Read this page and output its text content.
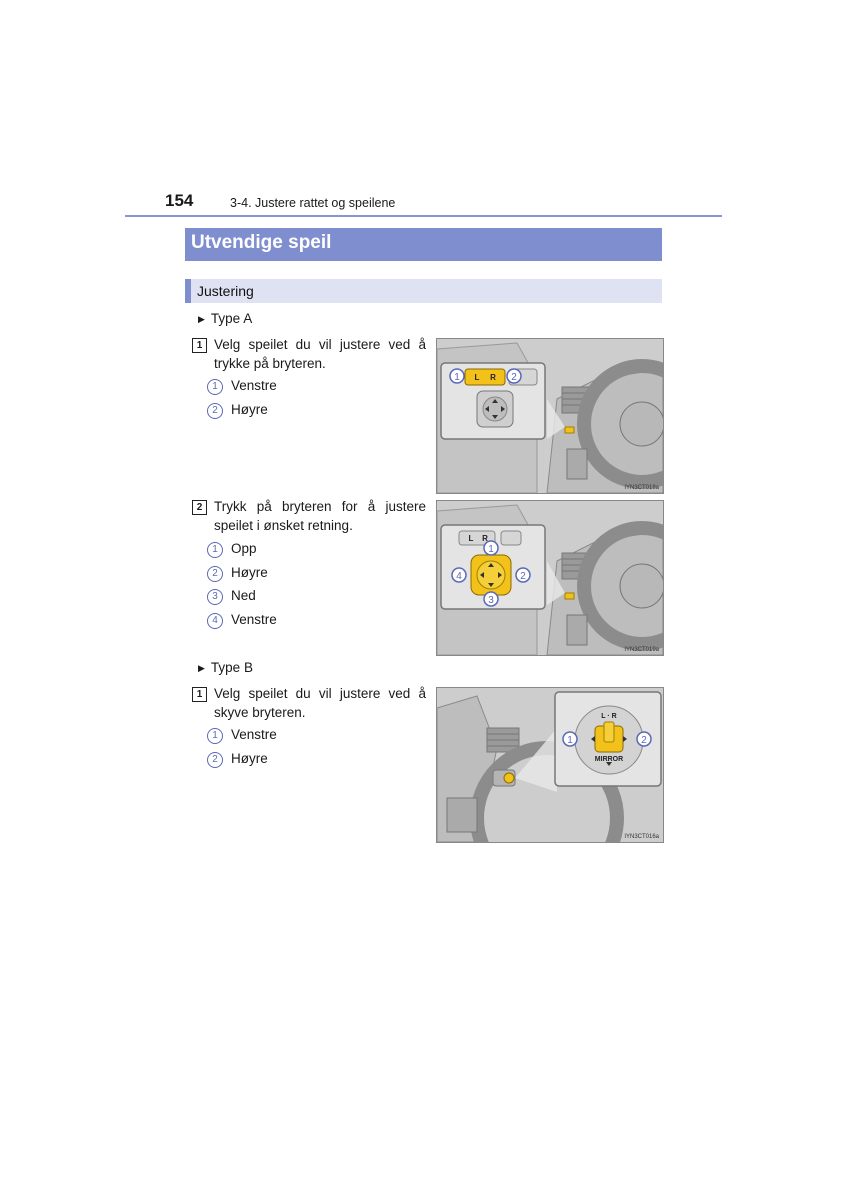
154	3-4. Justere rattet og speilene
Utvendige speil
Justering
▶ Type A
1 Velg speilet du vil justere ved å trykke på bryteren.
1 Venstre
2 Høyre
1	2
L R
IYN3CT018a
2 Trykk på bryteren for å justere speilet i ønsket retning.
1 Opp
2 Høyre
3 Ned
4 Venstre
1
2
3
4
L R
IYN3CT019a
▶ Type B
1 Velg speilet du vil justere ved å skyve bryteren.
1 Venstre
2 Høyre
1	2
L · R
MIRROR
IYN3CT016a
